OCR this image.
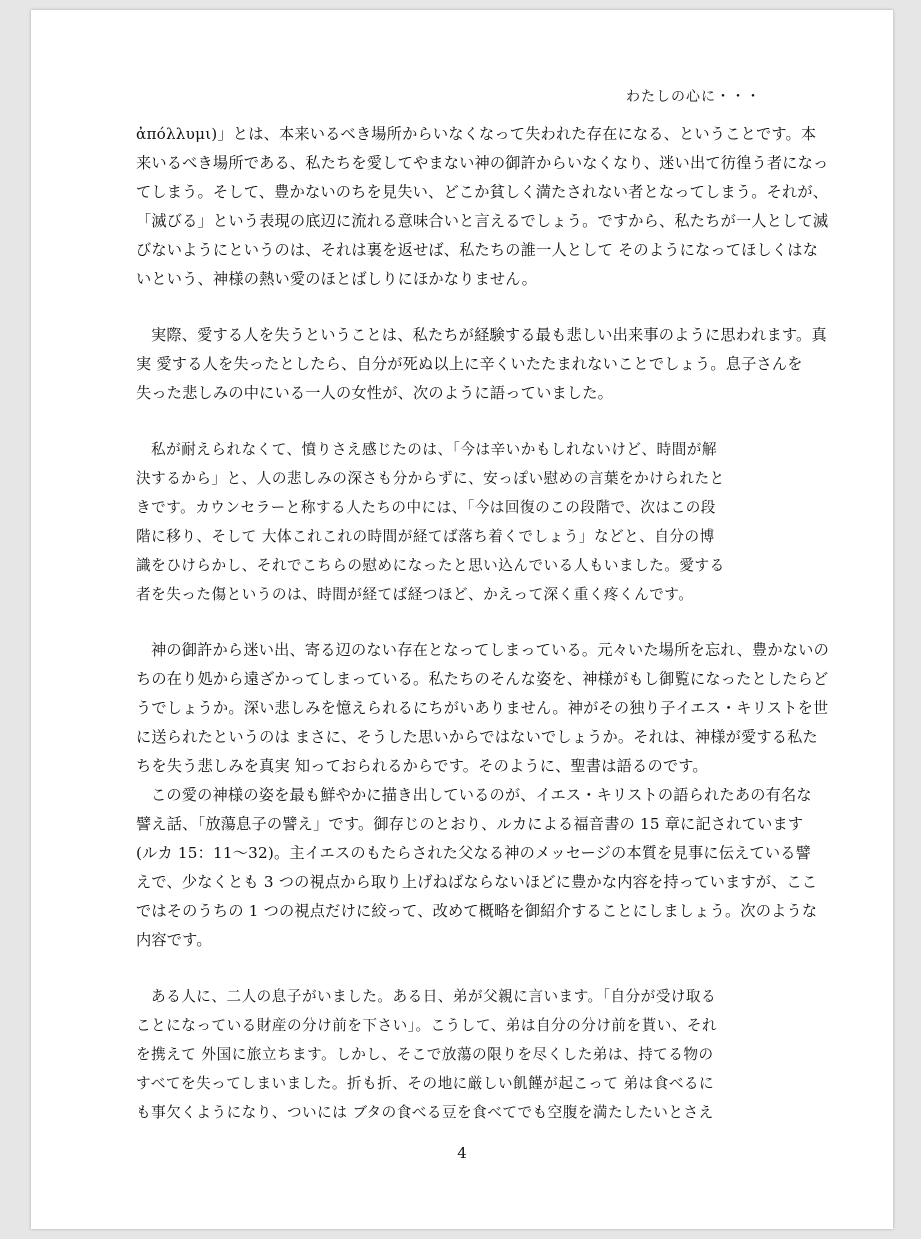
わたしの心に・・・
ἀπόλλυμι)」とは、本来いるべき場所からいなくなって失われた存在になる、ということです。本
来いるべき場所である、私たちを愛してやまない神の御許からいなくなり、迷い出て彷徨う者になっ
てしまう。そして、豊かないのちを見失い、どこか貧しく満たされない者となってしまう。それが、
「滅びる」という表現の底辺に流れる意味合いと言えるでしょう。ですから、私たちが一人として滅
びないようにというのは、それは裏を返せば、私たちの誰一人として そのようになってほしくはな
いという、神様の熱い愛のほとばしりにほかなりません。
実際、愛する人を失うということは、私たちが経験する最も悲しい出来事のように思われます。真
実 愛する人を失ったとしたら、自分が死ぬ以上に辛くいたたまれないことでしょう。息子さんを
失った悲しみの中にいる一人の女性が、次のように語っていました。
私が耐えられなくて、憤りさえ感じたのは、「今は辛いかもしれないけど、時間が解
決するから」と、人の悲しみの深さも分からずに、安っぽい慰めの言葉をかけられたと
きです。カウンセラーと称する人たちの中には、「今は回復のこの段階で、次はこの段
階に移り、そして 大体これこれの時間が経てば落ち着くでしょう」などと、自分の博
識をひけらかし、それでこちらの慰めになったと思い込んでいる人もいました。愛する
者を失った傷というのは、時間が経てば経つほど、かえって深く重く疼くんです。
神の御許から迷い出、寄る辺のない存在となってしまっている。元々いた場所を忘れ、豊かないの
ちの在り処から遠ざかってしまっている。私たちのそんな姿を、神様がもし御覧になったとしたらど
うでしょうか。深い悲しみを憶えられるにちがいありません。神がその独り子イエス・キリストを世
に送られたというのは まさに、そうした思いからではないでしょうか。それは、神様が愛する私た
ちを失う悲しみを真実 知っておられるからです。そのように、聖書は語るのです。
この愛の神様の姿を最も鮮やかに描き出しているのが、イエス・キリストの語られたあの有名な
譬え話、「放蕩息子の譬え」です。御存じのとおり、ルカによる福音書の 15 章に記されています
(ルカ 15：11〜32)。主イエスのもたらされた父なる神のメッセージの本質を見事に伝えている譬
えで、少なくとも 3 つの視点から取り上げねばならないほどに豊かな内容を持っていますが、ここ
ではそのうちの 1 つの視点だけに絞って、改めて概略を御紹介することにしましょう。次のような
内容です。
ある人に、二人の息子がいました。ある日、弟が父親に言います。「自分が受け取る
ことになっている財産の分け前を下さい」。こうして、弟は自分の分け前を貰い、それ
を携えて 外国に旅立ちます。しかし、そこで放蕩の限りを尽くした弟は、持てる物の
すべてを失ってしまいました。折も折、その地に厳しい飢饉が起こって 弟は食べるに
も事欠くようになり、ついには ブタの食べる豆を食べてでも空腹を満たしたいとさえ
4
